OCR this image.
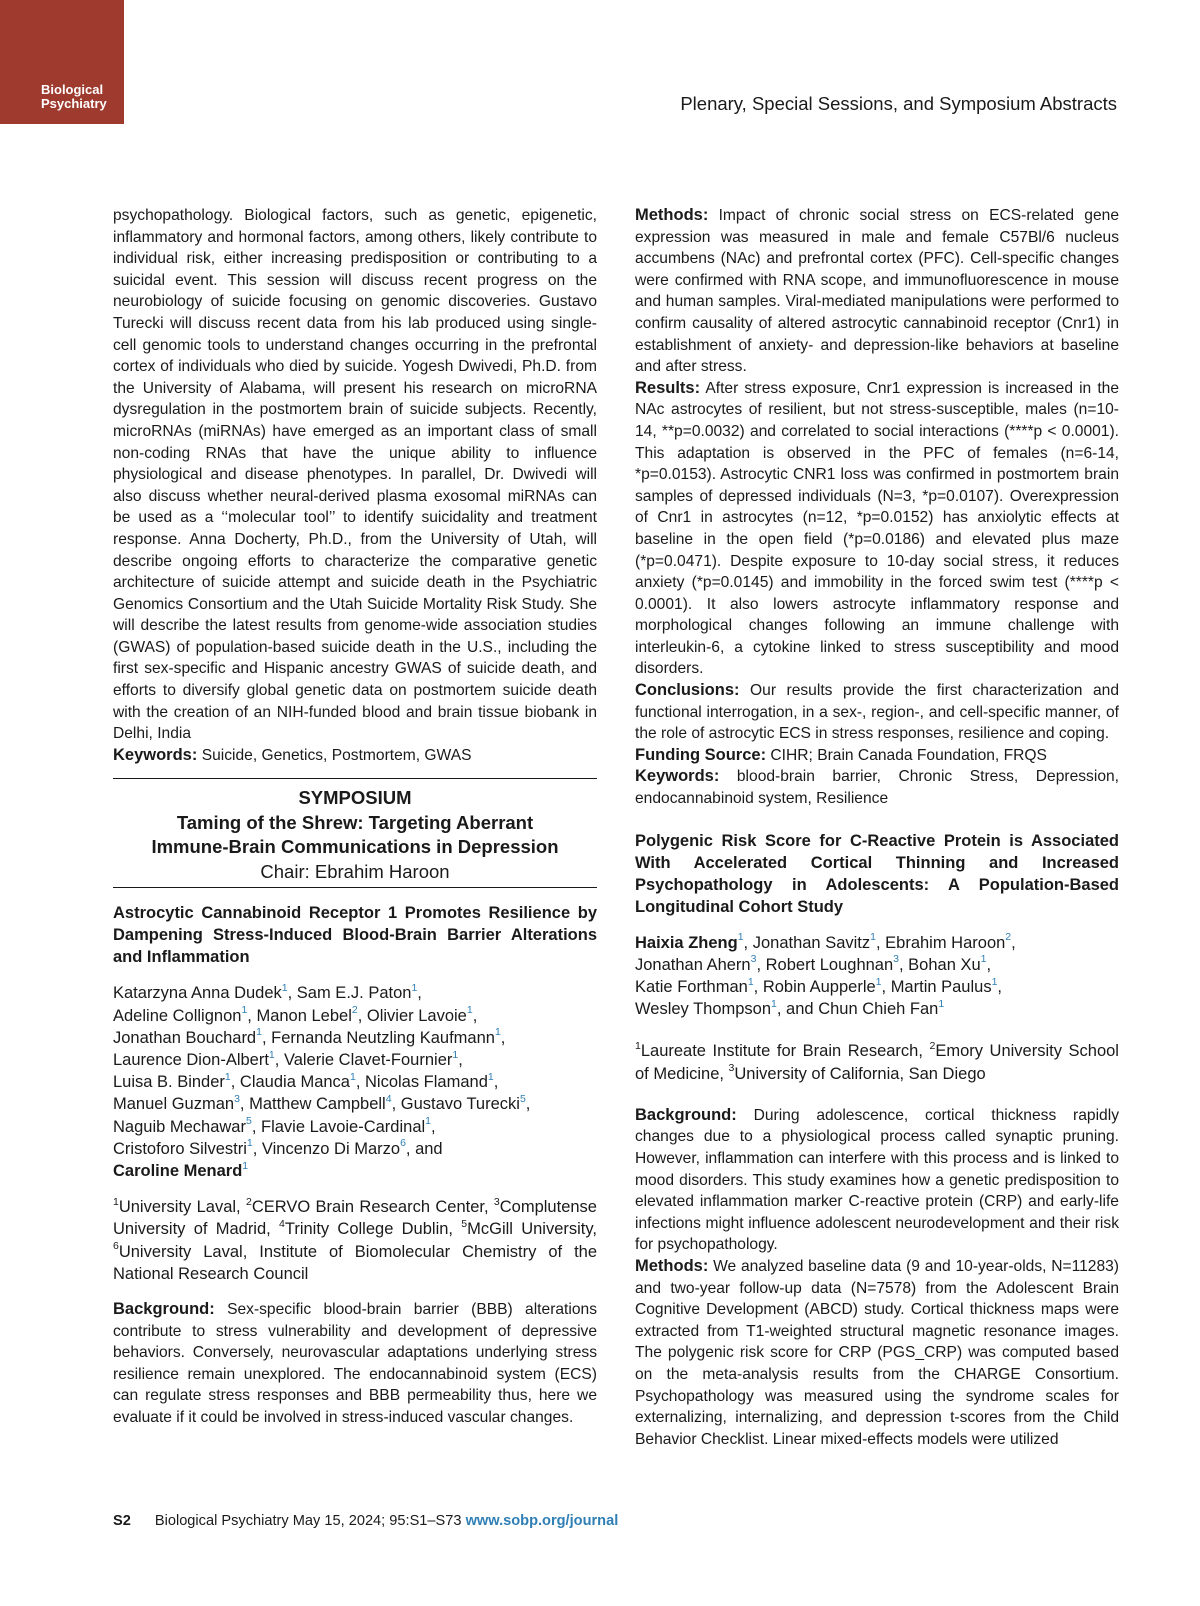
Biological
Psychiatry	Plenary, Special Sessions, and Symposium Abstracts

psychopathology. Biological factors, such as genetic, epigenetic, inflammatory and hormonal factors, among others, likely contribute to individual risk, either increasing predisposition or contributing to a suicidal event. This session will discuss recent progress on the neurobiology of suicide focusing on genomic discoveries. Gustavo Turecki will discuss recent data from his lab produced using single-cell genomic tools to understand changes occurring in the prefrontal cortex of individuals who died by suicide. Yogesh Dwivedi, Ph.D. from the University of Alabama, will present his research on microRNA dysregulation in the postmortem brain of suicide subjects. Recently, microRNAs (miRNAs) have emerged as an important class of small non-coding RNAs that have the unique ability to influence physiological and disease phenotypes. In parallel, Dr. Dwivedi will also discuss whether neural-derived plasma exosomal miRNAs can be used as a ‘‘molecular tool’’ to identify suicidality and treatment response. Anna Docherty, Ph.D., from the University of Utah, will describe ongoing efforts to characterize the comparative genetic architecture of suicide attempt and suicide death in the Psychiatric Genomics Consortium and the Utah Suicide Mortality Risk Study. She will describe the latest results from genome-wide association studies (GWAS) of population-based suicide death in the U.S., including the first sex-specific and Hispanic ancestry GWAS of suicide death, and efforts to diversify global genetic data on postmortem suicide death with the creation of an NIH-funded blood and brain tissue biobank in Delhi, India

Keywords: Suicide, Genetics, Postmortem, GWAS

SYMPOSIUM
Taming of the Shrew: Targeting Aberrant
Immune-Brain Communications in Depression
Chair: Ebrahim Haroon
Astrocytic Cannabinoid Receptor 1 Promotes Resilience by Dampening Stress-Induced Blood-Brain Barrier Alterations and Inflammation
Katarzyna Anna Dudek$^1$, Sam E.J. Paton$^1$,
Adeline Collignon$^1$, Manon Lebel$^2$, Olivier Lavoie$^1$,
Jonathan Bouchard$^1$, Fernanda Neutzling Kaufmann$^1$,
Laurence Dion-Albert$^1$, Valerie Clavet-Fournier$^1$,
Luisa B. Binder$^1$, Claudia Manca$^1$, Nicolas Flamand$^1$,
Manuel Guzman$^3$, Matthew Campbell$^4$, Gustavo Turecki$^5$,
Naguib Mechawar$^5$, Flavie Lavoie-Cardinal$^1$,
Cristoforo Silvestri$^1$, Vincenzo Di Marzo$^6$, and
Caroline Menard$^1$

$^1$University Laval, $^2$CERVO Brain Research Center, $^3$Complutense University of Madrid, $^4$Trinity College Dublin, $^5$McGill University, $^6$University Laval, Institute of Biomolecular Chemistry of the National Research Council

Background: Sex-specific blood-brain barrier (BBB) alterations contribute to stress vulnerability and development of depressive behaviors. Conversely, neurovascular adaptations underlying stress resilience remain unexplored. The endocannabinoid system (ECS) can regulate stress responses and BBB permeability thus, here we evaluate if it could be involved in stress-induced vascular changes.

Methods: Impact of chronic social stress on ECS-related gene expression was measured in male and female C57Bl/6 nucleus accumbens (NAc) and prefrontal cortex (PFC). Cell-specific changes were confirmed with RNA scope, and immunofluorescence in mouse and human samples. Viral-mediated manipulations were performed to confirm causality of altered astrocytic cannabinoid receptor (Cnr1) in establishment of anxiety- and depression-like behaviors at baseline and after stress.

Results: After stress exposure, Cnr1 expression is increased in the NAc astrocytes of resilient, but not stress-susceptible, males (n=10-14, **p=0.0032) and correlated to social interactions (****p < 0.0001). This adaptation is observed in the PFC of females (n=6-14, *p=0.0153). Astrocytic CNR1 loss was confirmed in postmortem brain samples of depressed individuals (N=3, *p=0.0107). Overexpression of Cnr1 in astrocytes (n=12, *p=0.0152) has anxiolytic effects at baseline in the open field (*p=0.0186) and elevated plus maze (*p=0.0471). Despite exposure to 10-day social stress, it reduces anxiety (*p=0.0145) and immobility in the forced swim test (****p < 0.0001). It also lowers astrocyte inflammatory response and morphological changes following an immune challenge with interleukin-6, a cytokine linked to stress susceptibility and mood disorders.

Conclusions: Our results provide the first characterization and functional interrogation, in a sex-, region-, and cell-specific manner, of the role of astrocytic ECS in stress responses, resilience and coping.

Funding Source: CIHR; Brain Canada Foundation, FRQS

Keywords: blood-brain barrier, Chronic Stress, Depression, endocannabinoid system, Resilience

Polygenic Risk Score for C-Reactive Protein is Associated With Accelerated Cortical Thinning and Increased Psychopathology in Adolescents: A Population-Based Longitudinal Cohort Study
Haixia Zheng$^1$, Jonathan Savitz$^1$, Ebrahim Haroon$^2$,
Jonathan Ahern$^3$, Robert Loughnan$^3$, Bohan Xu$^1$,
Katie Forthman$^1$, Robin Aupperle$^1$, Martin Paulus$^1$,
Wesley Thompson$^1$, and Chun Chieh Fan$^1$

$^1$Laureate Institute for Brain Research, $^2$Emory University School of Medicine, $^3$University of California, San Diego

Background: During adolescence, cortical thickness rapidly changes due to a physiological process called synaptic pruning. However, inflammation can interfere with this process and is linked to mood disorders. This study examines how a genetic predisposition to elevated inflammation marker C-reactive protein (CRP) and early-life infections might influence adolescent neurodevelopment and their risk for psychopathology.

Methods: We analyzed baseline data (9 and 10-year-olds, N=11283) and two-year follow-up data (N=7578) from the Adolescent Brain Cognitive Development (ABCD) study. Cortical thickness maps were extracted from T1-weighted structural magnetic resonance images. The polygenic risk score for CRP (PGS_CRP) was computed based on the meta-analysis results from the CHARGE Consortium. Psychopathology was measured using the syndrome scales for externalizing, internalizing, and depression t-scores from the Child Behavior Checklist. Linear mixed-effects models were utilized

S2 Biological Psychiatry May 15, 2024; 95:S1–S73 www.sobp.org/journal
